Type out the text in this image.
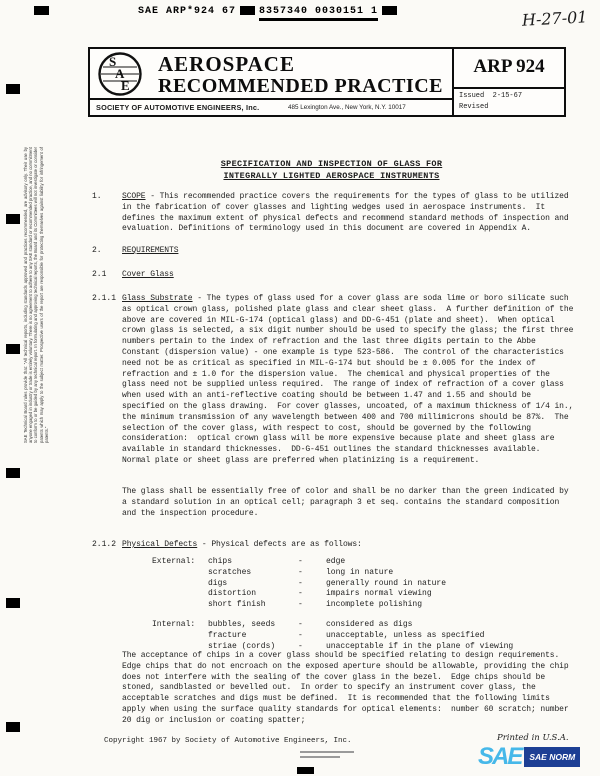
SAE ARP*924 67 8357340 0030151 1	H-27-01
SAE Technical Board rules provide that: "All technical reports, including standards approved and practices recommended, are advisory only. Their use by anyone engaged in industry or trade is entirely voluntary. There is no agreement to adhere to any SAE standard or recommended practice, and no commitment to conform to or be guided by any technical report. In formulating and approving technical reports, the Board and its Committees will not investigate or consider patents which may apply to the subject matter. Prospective users of the report are responsible for protecting themselves against liability for infringement of patents."
S
A
E
AEROSPACE
RECOMMENDED PRACTICE
SOCIETY OF AUTOMOTIVE ENGINEERS, Inc.	485 Lexington Ave., New York, N.Y. 10017
ARP 924
Issued 2-15-67
Revised
SPECIFICATION AND INSPECTION OF GLASS FOR
INTEGRALLY LIGHTED AEROSPACE INSTRUMENTS
1.	SCOPE - This recommended practice covers the requirements for the types of glass to be utilized in the fabrication of cover glasses and lighting wedges used in aerospace instruments.  It defines the maximum extent of physical defects and recommend standard methods of inspection and evaluation. Definitions of terminology used in this document are covered in Appendix A.
2.	REQUIREMENTS
2.1 Cover Glass
2.1.1 Glass Substrate - The types of glass used for a cover glass are soda lime or boro silicate such as optical crown glass, polished plate glass and clear sheet glass.  A further definition of the above are covered in MIL-G-174 (optical glass) and DD-G-451 (plate and sheet).  When optical crown glass is selected, a six digit number should be used to specify the glass; the first three numbers pertain to the index of refraction and the last three digits pertain to the Abbe Constant (dispersion value) - one example is type 523-586.  The control of the characteristics need not be as critical as specified in MIL-G-174 but should be ± 0.005 for the index of refraction and ± 1.0 for the dispersion value.  The chemical and physical properties of the glass need not be supplied unless required.  The range of index of refraction of a cover glass when used with an anti-reflective coating should be between 1.47 and 1.55 and should be specified on the glass drawing.  For cover glasses, uncoated, of a maximum thickness of 1/4 in., the minimum transmission of any wavelength between 400 and 700 millimicrons should be 87%.  The selection of the cover glass, with respect to cost, should be governed by the following consideration:  optical crown glass will be more expensive because plate and sheet glass are available in standard thicknesses.  DD-G-451 outlines the standard thicknesses available.  Normal plate or sheet glass are preferred when platinizing is a requirement.
The glass shall be essentially free of color and shall be no darker than the green indicated by a standard solution in an optical cell; paragraph 3 et seq. contains the standard composition and the inspection procedure.
2.1.2 Physical Defects - Physical defects are as follows:
External:	chips	-	edge
scratches	-	long in nature
digs	-	generally round in nature
distortion	-	impairs normal viewing
short finish	-	incomplete polishing
Internal:	bubbles, seeds	-	considered as digs
fracture	-	unacceptable, unless as specified
striae (cords)	-	unacceptable if in the plane of viewing
The acceptance of chips in a cover glass should be specified relating to design requirements.  Edge chips that do not encroach on the exposed aperture should be allowable, providing the chip does not interfere with the sealing of the cover glass in the bezel.  Edge chips should be stoned, sandblasted or bevelled out.  In order to specify an instrument cover glass, the acceptable scratches and digs must be defined.  It is recommended that the following limits apply when using the surface quality standards for optical elements:  number 60 scratch; number 20 dig or inclusion or coating spatter;
Copyright 1967 by Society of Automotive Engineers, Inc.	Printed in U.S.A.
SAE SAE NORM
